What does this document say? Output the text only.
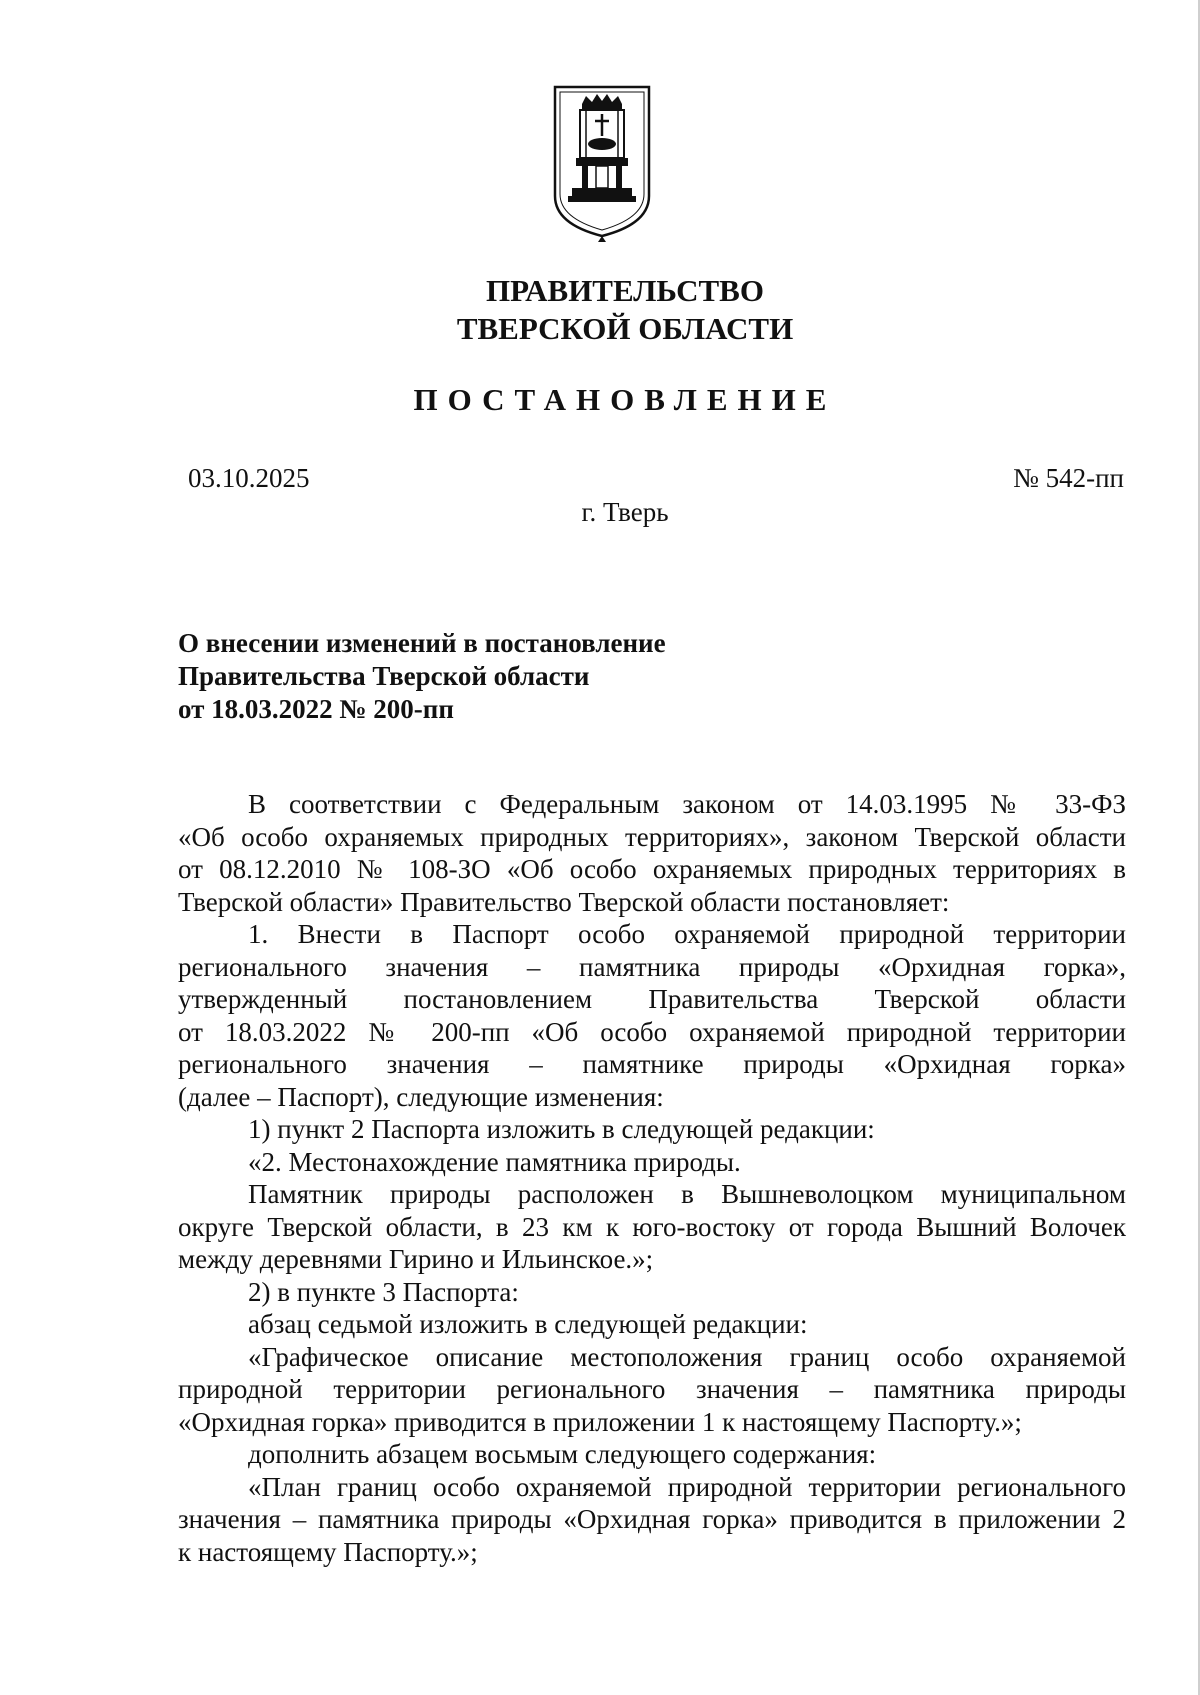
ПРАВИТЕЛЬСТВО
ТВЕРСКОЙ ОБЛАСТИ
ПОСТАНОВЛЕНИЕ
03.10.2025	№ 542-пп
г. Тверь
О внесении изменений в постановление
Правительства Тверской области
от 18.03.2022 № 200-пп

В соответствии с Федеральным законом от 14.03.1995 № 33-ФЗ
«Об особо охраняемых природных территориях», законом Тверской области
от 08.12.2010 № 108-ЗО «Об особо охраняемых природных территориях в
Тверской области» Правительство Тверской области постановляет:

1. Внести в Паспорт особо охраняемой природной территории
регионального значения – памятника природы «Орхидная горка»,
утвержденный постановлением Правительства Тверской области
от 18.03.2022 № 200-пп «Об особо охраняемой природной территории
регионального значения – памятнике природы «Орхидная горка»
(далее – Паспорт), следующие изменения:

1) пункт 2 Паспорта изложить в следующей редакции:

«2. Местонахождение памятника природы.

Памятник природы расположен в Вышневолоцком муниципальном
округе Тверской области, в 23 км к юго-востоку от города Вышний Волочек
между деревнями Гирино и Ильинское.»;

2) в пункте 3 Паспорта:

абзац седьмой изложить в следующей редакции:

«Графическое описание местоположения границ особо охраняемой
природной территории регионального значения – памятника природы
«Орхидная горка» приводится в приложении 1 к настоящему Паспорту.»;

дополнить абзацем восьмым следующего содержания:

«План границ особо охраняемой природной территории регионального
значения – памятника природы «Орхидная горка» приводится в приложении 2
к настоящему Паспорту.»;
